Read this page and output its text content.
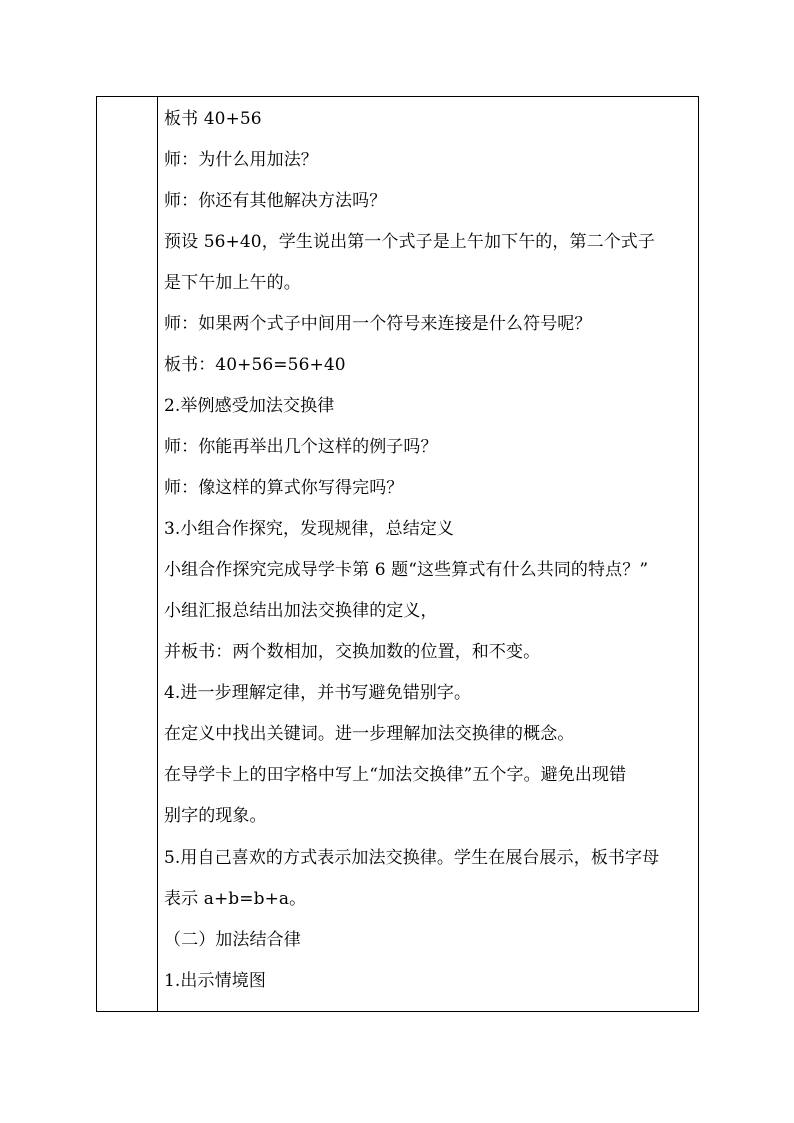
板书 40+56
师：为什么用加法？
师：你还有其他解决方法吗？
预设 56+40，学生说出第一个式子是上午加下午的，第二个式子
是下午加上午的。
师：如果两个式子中间用一个符号来连接是什么符号呢？
板书：40+56=56+40
2.举例感受加法交换律
师：你能再举出几个这样的例子吗？
师：像这样的算式你写得完吗？
3.小组合作探究，发现规律，总结定义
小组合作探究完成导学卡第 6 题“这些算式有什么共同的特点？”
小组汇报总结出加法交换律的定义，
并板书：两个数相加，交换加数的位置，和不变。
4.进一步理解定律，并书写避免错别字。
在定义中找出关键词。进一步理解加法交换律的概念。
在导学卡上的田字格中写上“加法交换律”五个字。避免出现错
别字的现象。
5.用自己喜欢的方式表示加法交换律。学生在展台展示，板书字母
表示 a+b=b+a。
（二）加法结合律
1.出示情境图
